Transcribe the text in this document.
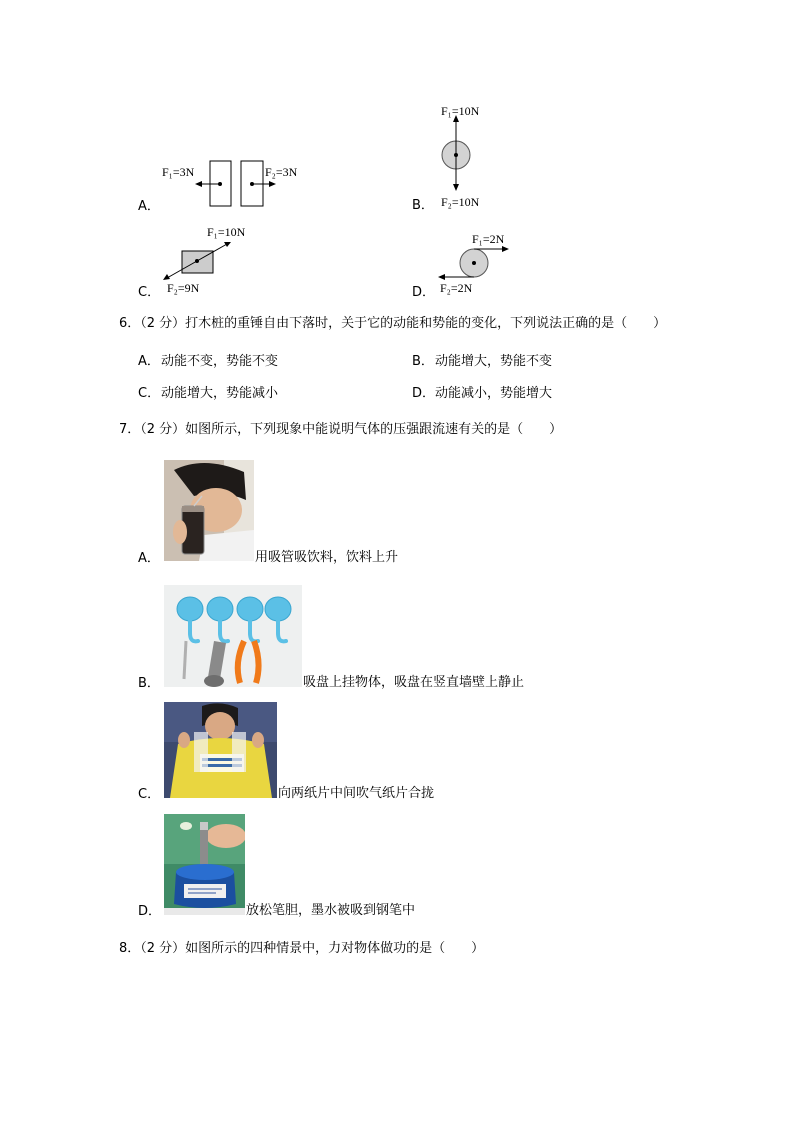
A．
F₁=3N	F₂=3N
B．
F₁=10N
F₂=10N
C．
F₁=10N
F₂=9N	D．
F₁=2N
F₂=2N
6．（2 分）打木桩的重锤自由下落时，关于它的动能和势能的变化，下列说法正确的是（　　）
A． 动能不变，势能不变	B． 动能增大，势能不变
C． 动能增大，势能减小	D． 动能减小，势能增大
7．（2 分）如图所示，下列现象中能说明气体的压强跟流速有关的是（　　）
A．	用吸管吸饮料，饮料上升
B．	吸盘上挂物体，吸盘在竖直墙壁上静止
C．	向两纸片中间吹气纸片合拢
D．	放松笔胆，墨水被吸到钢笔中
8．（2 分）如图所示的四种情景中，力对物体做功的是（　　）
